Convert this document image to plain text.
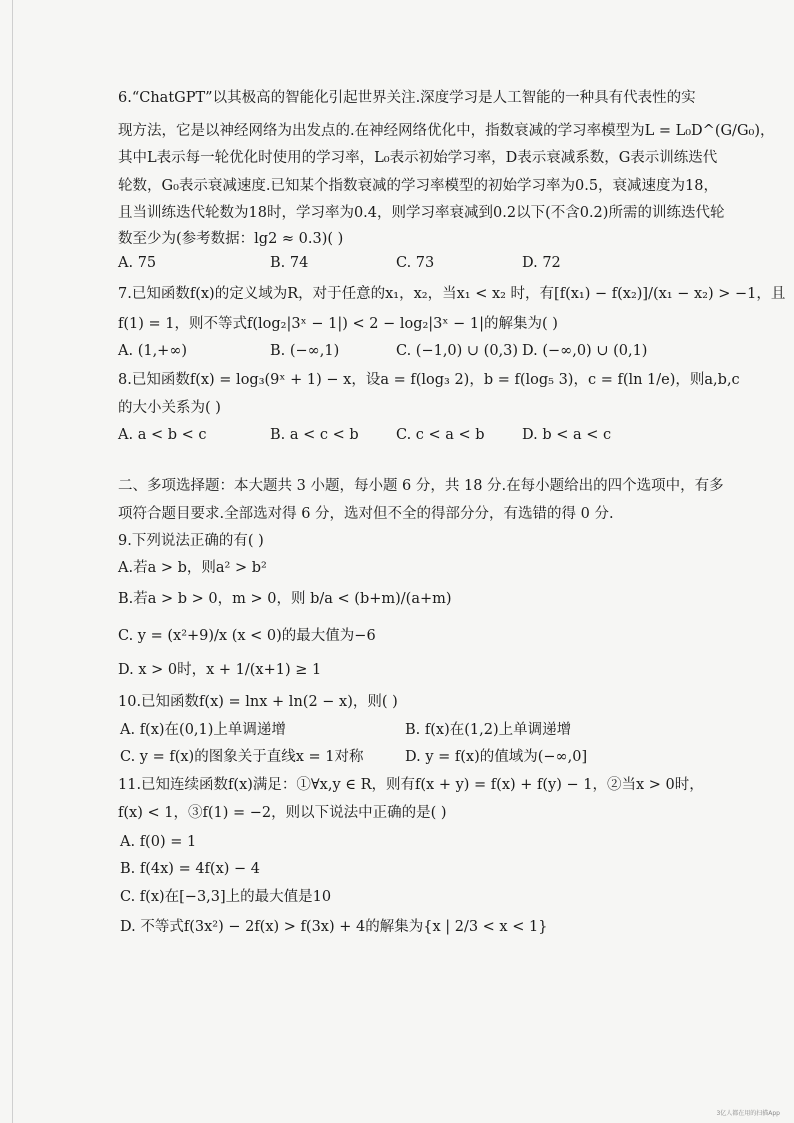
6.“ChatGPT”以其极高的智能化引起世界关注.深度学习是人工智能的一种具有代表性的实
现方法，它是以神经网络为出发点的.在神经网络优化中，指数衰减的学习率模型为L = L₀D^(G/G₀)，
其中L表示每一轮优化时使用的学习率，L₀表示初始学习率，D表示衰减系数，G表示训练迭代
轮数，G₀表示衰减速度.已知某个指数衰减的学习率模型的初始学习率为0.5，衰减速度为18，
且当训练迭代轮数为18时，学习率为0.4，则学习率衰减到0.2以下(不含0.2)所需的训练迭代轮
数至少为(参考数据：lg2 ≈ 0.3)( )
A. 75	B. 74	C. 73	D. 72
7.已知函数f(x)的定义域为R，对于任意的x₁，x₂，当x₁ < x₂ 时，有[f(x₁) − f(x₂)]/(x₁ − x₂) > −1，且
f(1) = 1，则不等式f(log₂|3ˣ − 1|) < 2 − log₂|3ˣ − 1|的解集为( )
A. (1,+∞)	B. (−∞,1)	C. (−1,0) ∪ (0,3) D. (−∞,0) ∪ (0,1)
8.已知函数f(x) = log₃(9ˣ + 1) − x，设a = f(log₃ 2)，b = f(log₅ 3)，c = f(ln 1/e)，则a,b,c
的大小关系为( )
A. a < b < c	B. a < c < b	C. c < a < b	D. b < a < c
二、多项选择题：本大题共 3 小题，每小题 6 分，共 18 分.在每小题给出的四个选项中，有多
项符合题目要求.全部选对得 6 分，选对但不全的得部分分，有选错的得 0 分.
9.下列说法正确的有( )
A.若a > b，则a² > b²
B.若a > b > 0，m > 0，则 b/a < (b+m)/(a+m)
C. y = (x²+9)/x (x < 0)的最大值为−6
D. x > 0时，x + 1/(x+1) ≥ 1
10.已知函数f(x) = lnx + ln(2 − x)，则( )
A. f(x)在(0,1)上单调递增	B. f(x)在(1,2)上单调递增
C. y = f(x)的图象关于直线x = 1对称	D. y = f(x)的值域为(−∞,0]
11.已知连续函数f(x)满足：①∀x,y ∈ R，则有f(x + y) = f(x) + f(y) − 1，②当x > 0时，
f(x) < 1，③f(1) = −2，则以下说法中正确的是( )
A. f(0) = 1
B. f(4x) = 4f(x) − 4
C. f(x)在[−3,3]上的最大值是10
D. 不等式f(3x²) − 2f(x) > f(3x) + 4的解集为{x | 2/3 < x < 1}
3亿人都在用的扫描App
